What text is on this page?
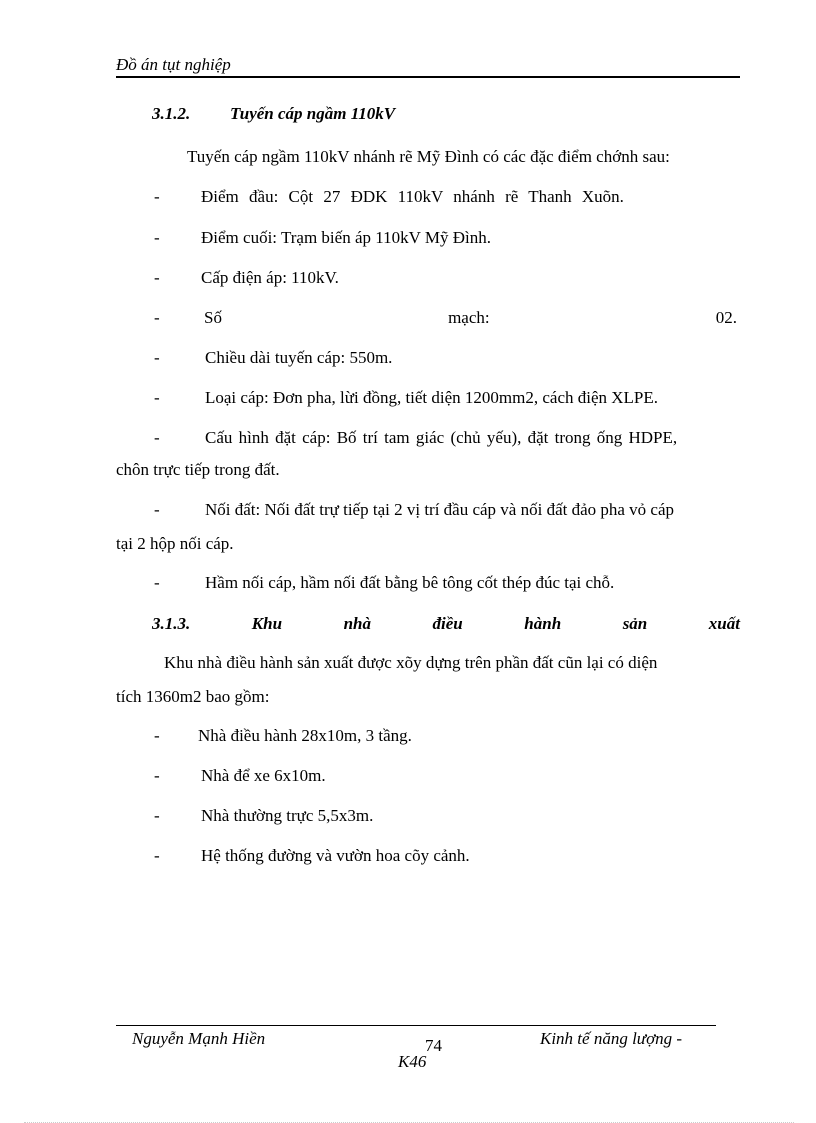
Đồ án tụt nghiệp
3.1.2. Tuyến cáp ngầm 110kV
Tuyến cáp ngầm 110kV nhánh rẽ Mỹ Đình có các đặc điểm chớnh sau:
- Điểm đầu: Cột 27 ĐDK 110kV nhánh rẽ Thanh Xuõn.
- Điểm cuối: Trạm biến áp 110kV Mỹ Đình.
- Cấp điện áp: 110kV.
-	Số	mạch:	02.
-	Chiều dài tuyến cáp: 550m.
-	Loại cáp: Đơn pha, lừi đồng, tiết diện 1200mm2, cách điện XLPE.
-	Cấu hình đặt cáp: Bố trí tam giác (chủ yếu), đặt trong ống HDPE,
chôn trực tiếp trong đất.
-	Nối đất: Nối đất trự tiếp tại 2 vị trí đầu cáp và nối đất đảo pha vỏ cáp
tại 2 hộp nối cáp.
-	Hầm nối cáp, hầm nối đất bằng bê tông cốt thép đúc tại chỗ.
3.1.3.	Khu	nhà	điều	hành	sản	xuất
Khu nhà điều hành sản xuất được xõy dựng trên phần đất cũn lại có diện
tích 1360m2 bao gồm:
- Nhà điều hành 28x10m, 3 tầng.
- Nhà để xe 6x10m.
- Nhà thường trực 5,5x3m.
- Hệ thống đường và vườn hoa cõy cảnh.
Nguyễn Mạnh Hiền	74	Kinh tế năng lượng -
K46
